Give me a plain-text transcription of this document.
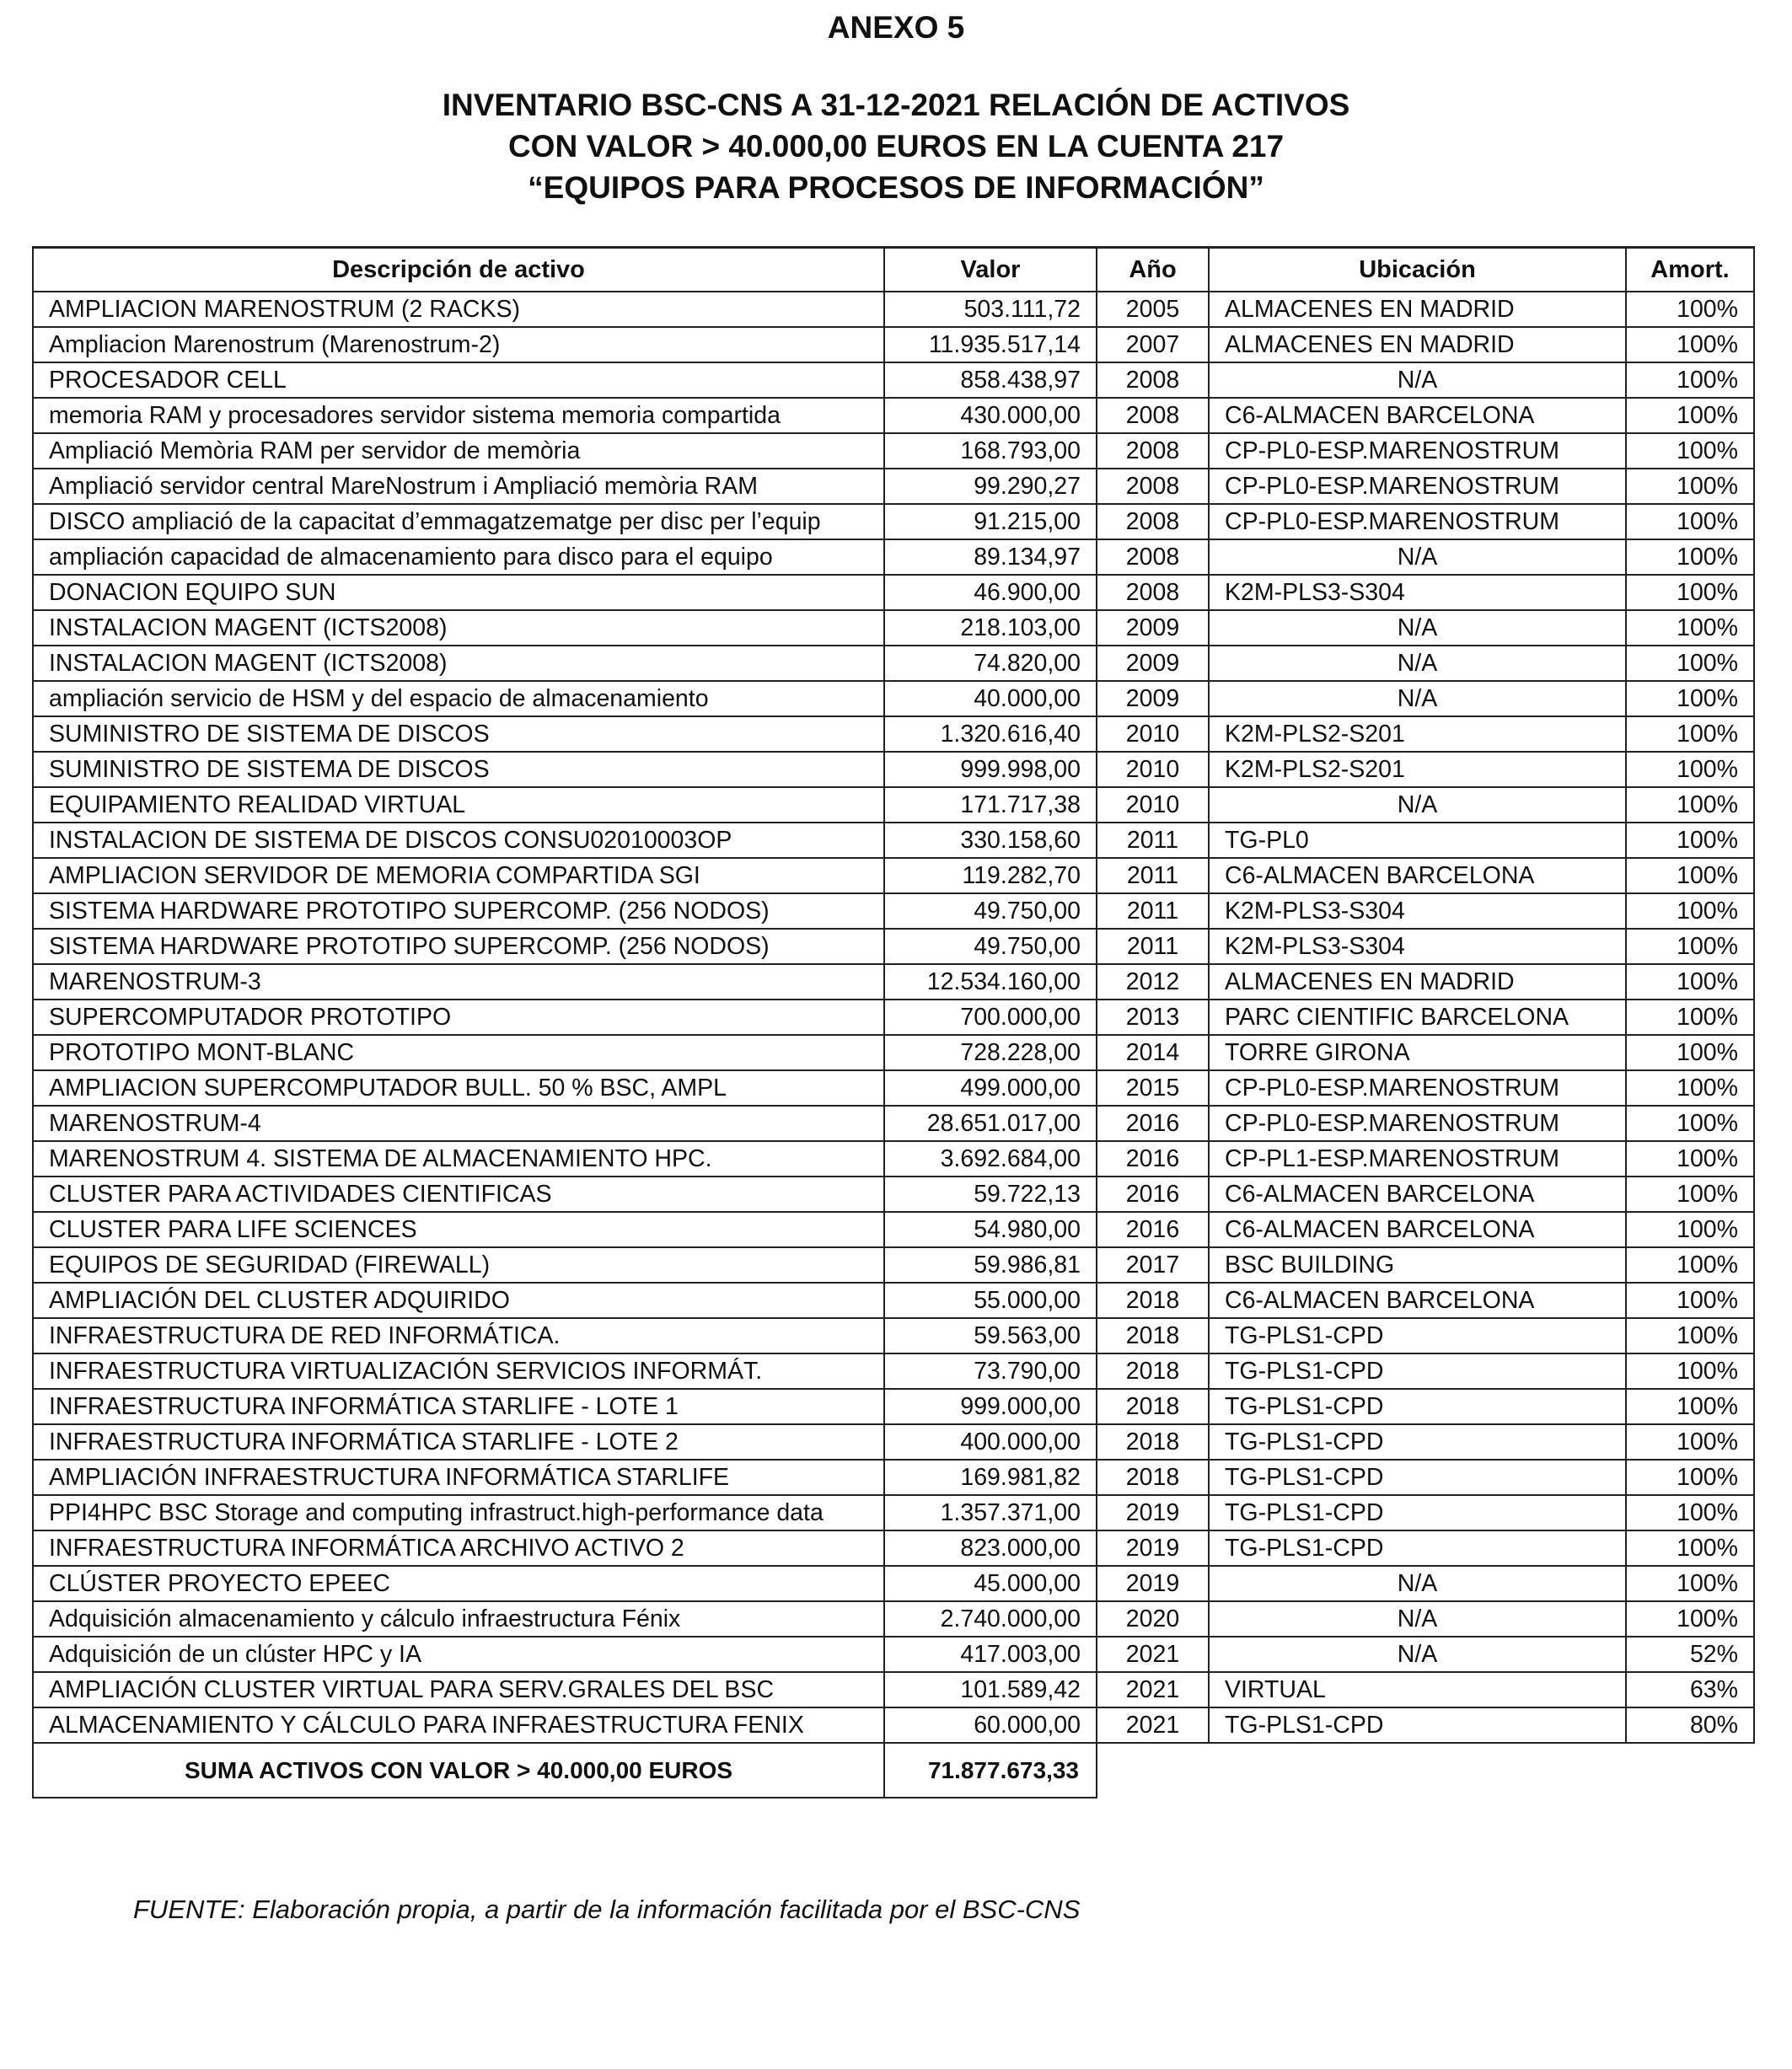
ANEXO 5
INVENTARIO BSC-CNS A 31-12-2021 RELACIÓN DE ACTIVOS
CON VALOR > 40.000,00 EUROS EN LA CUENTA 217
“EQUIPOS PARA PROCESOS DE INFORMACIÓN”
Descripción de activo	Valor	Año	Ubicación	Amort.
AMPLIACION MARENOSTRUM (2 RACKS)	503.111,72	2005	ALMACENES EN MADRID	100%
Ampliacion Marenostrum (Marenostrum-2)	11.935.517,14	2007	ALMACENES EN MADRID	100%
PROCESADOR CELL	858.438,97	2008	N/A	100%
memoria RAM y procesadores servidor sistema memoria compartida	430.000,00	2008	C6-ALMACEN BARCELONA	100%
Ampliació Memòria RAM per servidor de memòria	168.793,00	2008	CP-PL0-ESP.MARENOSTRUM	100%
Ampliació servidor central MareNostrum i Ampliació memòria RAM	99.290,27	2008	CP-PL0-ESP.MARENOSTRUM	100%
DISCO ampliació de la capacitat d’emmagatzematge per disc per l’equip	91.215,00	2008	CP-PL0-ESP.MARENOSTRUM	100%
ampliación capacidad de almacenamiento para disco para el equipo	89.134,97	2008	N/A	100%
DONACION EQUIPO SUN	46.900,00	2008	K2M-PLS3-S304	100%
INSTALACION MAGENT (ICTS2008)	218.103,00	2009	N/A	100%
INSTALACION MAGENT (ICTS2008)	74.820,00	2009	N/A	100%
ampliación servicio de HSM y del espacio de almacenamiento	40.000,00	2009	N/A	100%
SUMINISTRO DE SISTEMA DE DISCOS	1.320.616,40	2010	K2M-PLS2-S201	100%
SUMINISTRO DE SISTEMA DE DISCOS	999.998,00	2010	K2M-PLS2-S201	100%
EQUIPAMIENTO REALIDAD VIRTUAL	171.717,38	2010	N/A	100%
INSTALACION DE SISTEMA DE DISCOS CONSU02010003OP	330.158,60	2011	TG-PL0	100%
AMPLIACION SERVIDOR DE MEMORIA COMPARTIDA SGI	119.282,70	2011	C6-ALMACEN BARCELONA	100%
SISTEMA HARDWARE PROTOTIPO SUPERCOMP. (256 NODOS)	49.750,00	2011	K2M-PLS3-S304	100%
SISTEMA HARDWARE PROTOTIPO SUPERCOMP. (256 NODOS)	49.750,00	2011	K2M-PLS3-S304	100%
MARENOSTRUM-3	12.534.160,00	2012	ALMACENES EN MADRID	100%
SUPERCOMPUTADOR PROTOTIPO	700.000,00	2013	PARC CIENTIFIC BARCELONA	100%
PROTOTIPO MONT-BLANC	728.228,00	2014	TORRE GIRONA	100%
AMPLIACION SUPERCOMPUTADOR BULL. 50 % BSC, AMPL	499.000,00	2015	CP-PL0-ESP.MARENOSTRUM	100%
MARENOSTRUM-4	28.651.017,00	2016	CP-PL0-ESP.MARENOSTRUM	100%
MARENOSTRUM 4. SISTEMA DE ALMACENAMIENTO HPC.	3.692.684,00	2016	CP-PL1-ESP.MARENOSTRUM	100%
CLUSTER PARA ACTIVIDADES CIENTIFICAS	59.722,13	2016	C6-ALMACEN BARCELONA	100%
CLUSTER PARA LIFE SCIENCES	54.980,00	2016	C6-ALMACEN BARCELONA	100%
EQUIPOS DE SEGURIDAD (FIREWALL)	59.986,81	2017	BSC BUILDING	100%
AMPLIACIÓN DEL CLUSTER ADQUIRIDO	55.000,00	2018	C6-ALMACEN BARCELONA	100%
INFRAESTRUCTURA DE RED INFORMÁTICA.	59.563,00	2018	TG-PLS1-CPD	100%
INFRAESTRUCTURA VIRTUALIZACIÓN SERVICIOS INFORMÁT.	73.790,00	2018	TG-PLS1-CPD	100%
INFRAESTRUCTURA INFORMÁTICA STARLIFE - LOTE 1	999.000,00	2018	TG-PLS1-CPD	100%
INFRAESTRUCTURA INFORMÁTICA STARLIFE - LOTE 2	400.000,00	2018	TG-PLS1-CPD	100%
AMPLIACIÓN INFRAESTRUCTURA INFORMÁTICA STARLIFE	169.981,82	2018	TG-PLS1-CPD	100%
PPI4HPC BSC Storage and computing infrastruct.high-performance data	1.357.371,00	2019	TG-PLS1-CPD	100%
INFRAESTRUCTURA INFORMÁTICA ARCHIVO ACTIVO 2	823.000,00	2019	TG-PLS1-CPD	100%
CLÚSTER PROYECTO EPEEC	45.000,00	2019	N/A	100%
Adquisición almacenamiento y cálculo infraestructura Fénix	2.740.000,00	2020	N/A	100%
Adquisición de un clúster HPC y IA	417.003,00	2021	N/A	52%
AMPLIACIÓN CLUSTER VIRTUAL PARA SERV.GRALES DEL BSC	101.589,42	2021	VIRTUAL	63%
ALMACENAMIENTO Y CÁLCULO PARA INFRAESTRUCTURA FENIX	60.000,00	2021	TG-PLS1-CPD	80%
SUMA ACTIVOS CON VALOR > 40.000,00 EUROS	71.877.673,33			
FUENTE: Elaboración propia, a partir de la información facilitada por el BSC-CNS
